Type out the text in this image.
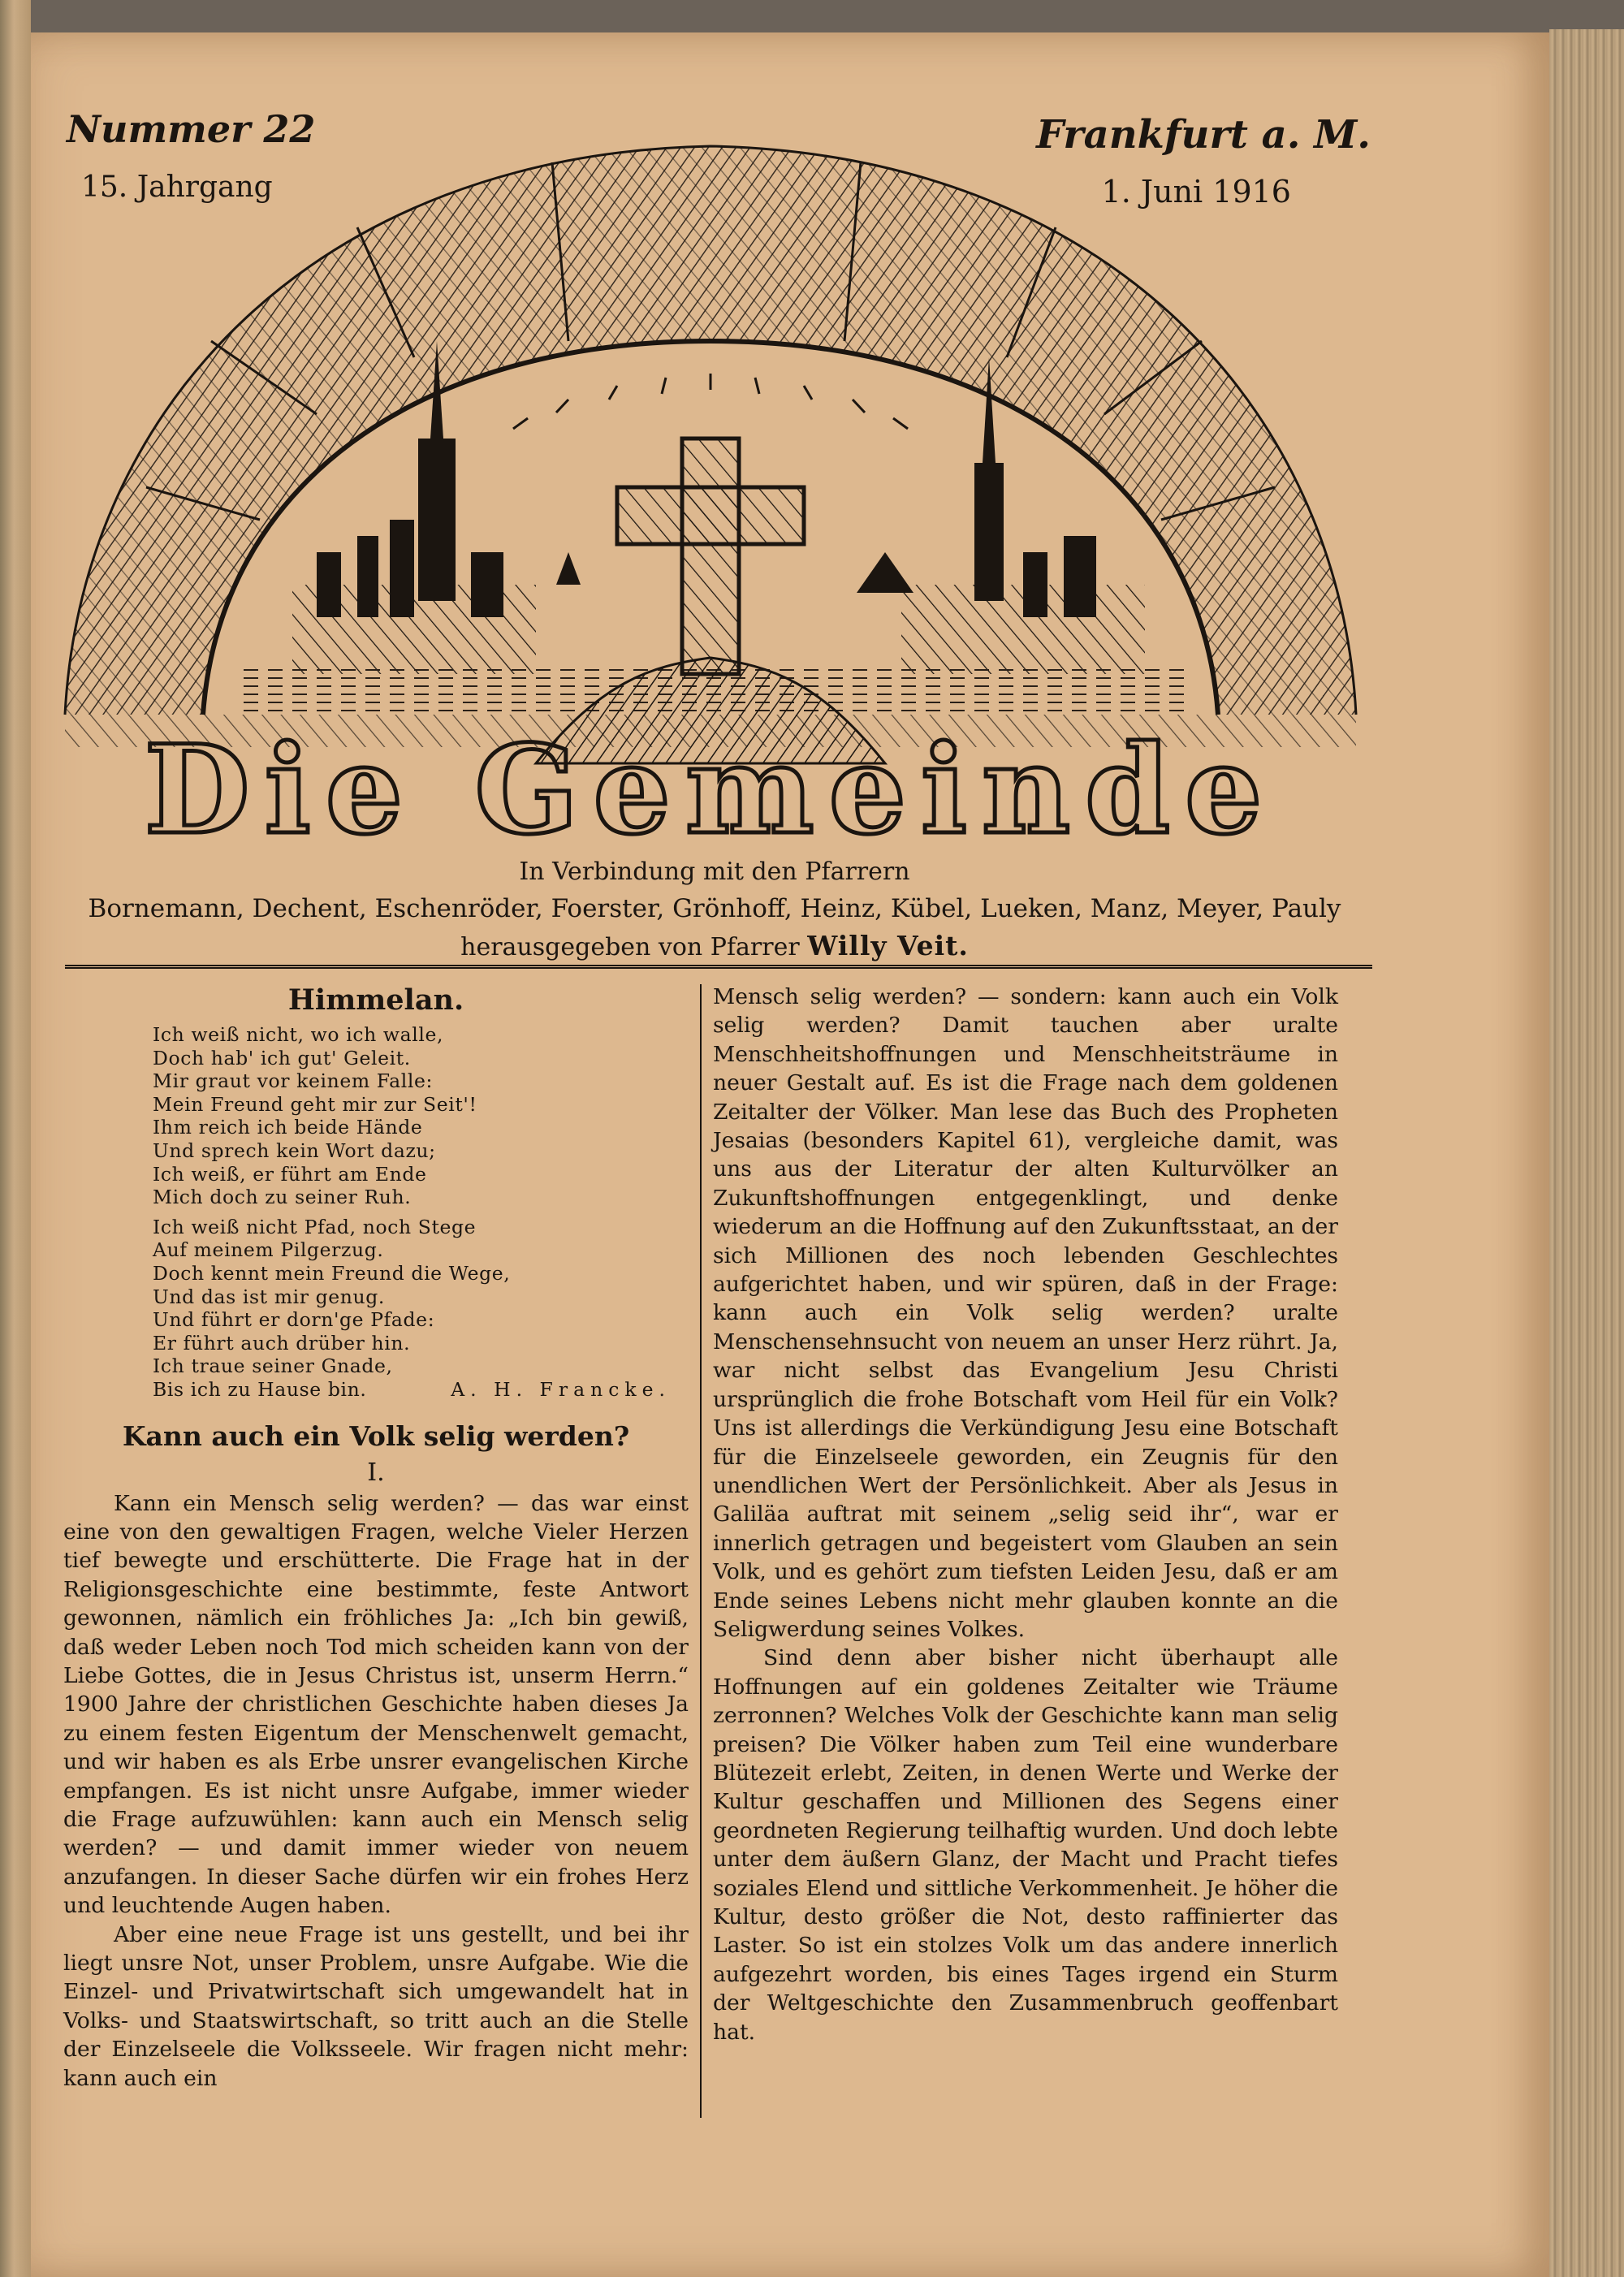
Nummer 22
15. Jahrgang
Frankfurt a. M.
1. Juni 1916
Die Gemeinde
In Verbindung mit den Pfarrern
Bornemann, Dechent, Eschenröder, Foerster, Grönhoff, Heinz, Kübel, Lueken, Manz, Meyer, Pauly
herausgegeben von Pfarrer Willy Veit.
Himmelan.
Ich weiß nicht, wo ich walle,
Doch hab' ich gut' Geleit.
Mir graut vor keinem Falle:
Mein Freund geht mir zur Seit'!
Ihm reich ich beide Hände
Und sprech kein Wort dazu;
Ich weiß, er führt am Ende
Mich doch zu seiner Ruh.
Ich weiß nicht Pfad, noch Stege
Auf meinem Pilgerzug.
Doch kennt mein Freund die Wege,
Und das ist mir genug.
Und führt er dorn'ge Pfade:
Er führt auch drüber hin.
Ich traue seiner Gnade,
Bis ich zu Hause bin.	A. H. Francke.
Kann auch ein Volk selig werden?
I.

Kann ein Mensch selig werden? — das war einst eine von den gewaltigen Fragen, welche Vieler Herzen tief bewegte und erschütterte. Die Frage hat in der Religionsgeschichte eine bestimmte, feste Antwort gewonnen, nämlich ein fröhliches Ja: „Ich bin gewiß, daß weder Leben noch Tod mich scheiden kann von der Liebe Gottes, die in Jesus Christus ist, unserm Herrn.“ 1900 Jahre der christlichen Geschichte haben dieses Ja zu einem festen Eigentum der Menschenwelt gemacht, und wir haben es als Erbe unsrer evangelischen Kirche empfangen. Es ist nicht unsre Aufgabe, immer wieder die Frage aufzuwühlen: kann auch ein Mensch selig werden? — und damit immer wieder von neuem anzufangen. In dieser Sache dürfen wir ein frohes Herz und leuchtende Augen haben.

Aber eine neue Frage ist uns gestellt, und bei ihr liegt unsre Not, unser Problem, unsre Aufgabe. Wie die Einzel- und Privatwirtschaft sich umgewandelt hat in Volks- und Staatswirtschaft, so tritt auch an die Stelle der Einzelseele die Volksseele. Wir fragen nicht mehr: kann auch ein

Mensch selig werden? — sondern: kann auch ein Volk selig werden? Damit tauchen aber uralte Menschheitshoffnungen und Menschheitsträume in neuer Gestalt auf. Es ist die Frage nach dem goldenen Zeitalter der Völker. Man lese das Buch des Propheten Jesaias (besonders Kapitel 61), vergleiche damit, was uns aus der Literatur der alten Kulturvölker an Zukunftshoffnungen entgegenklingt, und denke wiederum an die Hoffnung auf den Zukunftsstaat, an der sich Millionen des noch lebenden Geschlechtes aufgerichtet haben, und wir spüren, daß in der Frage: kann auch ein Volk selig werden? uralte Menschensehnsucht von neuem an unser Herz rührt. Ja, war nicht selbst das Evangelium Jesu Christi ursprünglich die frohe Botschaft vom Heil für ein Volk? Uns ist allerdings die Verkündigung Jesu eine Botschaft für die Einzelseele geworden, ein Zeugnis für den unendlichen Wert der Persönlichkeit. Aber als Jesus in Galiläa auftrat mit seinem „selig seid ihr“, war er innerlich getragen und begeistert vom Glauben an sein Volk, und es gehört zum tiefsten Leiden Jesu, daß er am Ende seines Lebens nicht mehr glauben konnte an die Seligwerdung seines Volkes.

Sind denn aber bisher nicht überhaupt alle Hoffnungen auf ein goldenes Zeitalter wie Träume zerronnen? Welches Volk der Geschichte kann man selig preisen? Die Völker haben zum Teil eine wunderbare Blütezeit erlebt, Zeiten, in denen Werte und Werke der Kultur geschaffen und Millionen des Segens einer geordneten Regierung teilhaftig wurden. Und doch lebte unter dem äußern Glanz, der Macht und Pracht tiefes soziales Elend und sittliche Verkommenheit. Je höher die Kultur, desto größer die Not, desto raffinierter das Laster. So ist ein stolzes Volk um das andere innerlich aufgezehrt worden, bis eines Tages irgend ein Sturm der Weltgeschichte den Zusammenbruch geoffenbart hat.
